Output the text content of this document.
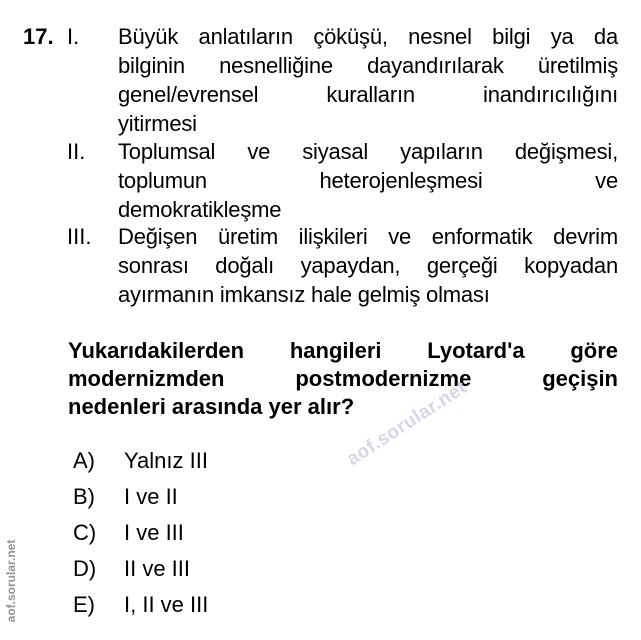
17. I. Büyük anlatıların çöküşü, nesnel bilgi ya da
bilginin nesnelliğine dayandırılarak üretilmiş
genel/evrensel kuralların inandırıcılığını
yitirmesi
II. Toplumsal ve siyasal yapıların değişmesi,
toplumun heterojenleşmesi ve
demokratikleşme
III. Değişen üretim ilişkileri ve enformatik devrim
sonrası doğalı yapaydan, gerçeği kopyadan
ayırmanın imkansız hale gelmiş olması
Yukarıdakilerden hangileri Lyotard'a göre
modernizmden postmodernizme geçişin
nedenleri arasında yer alır?
aof.sorular.net
A) Yalnız III
B) I ve II
C) I ve III
D) II ve III
E) I, II ve III
aof.sorular.net
